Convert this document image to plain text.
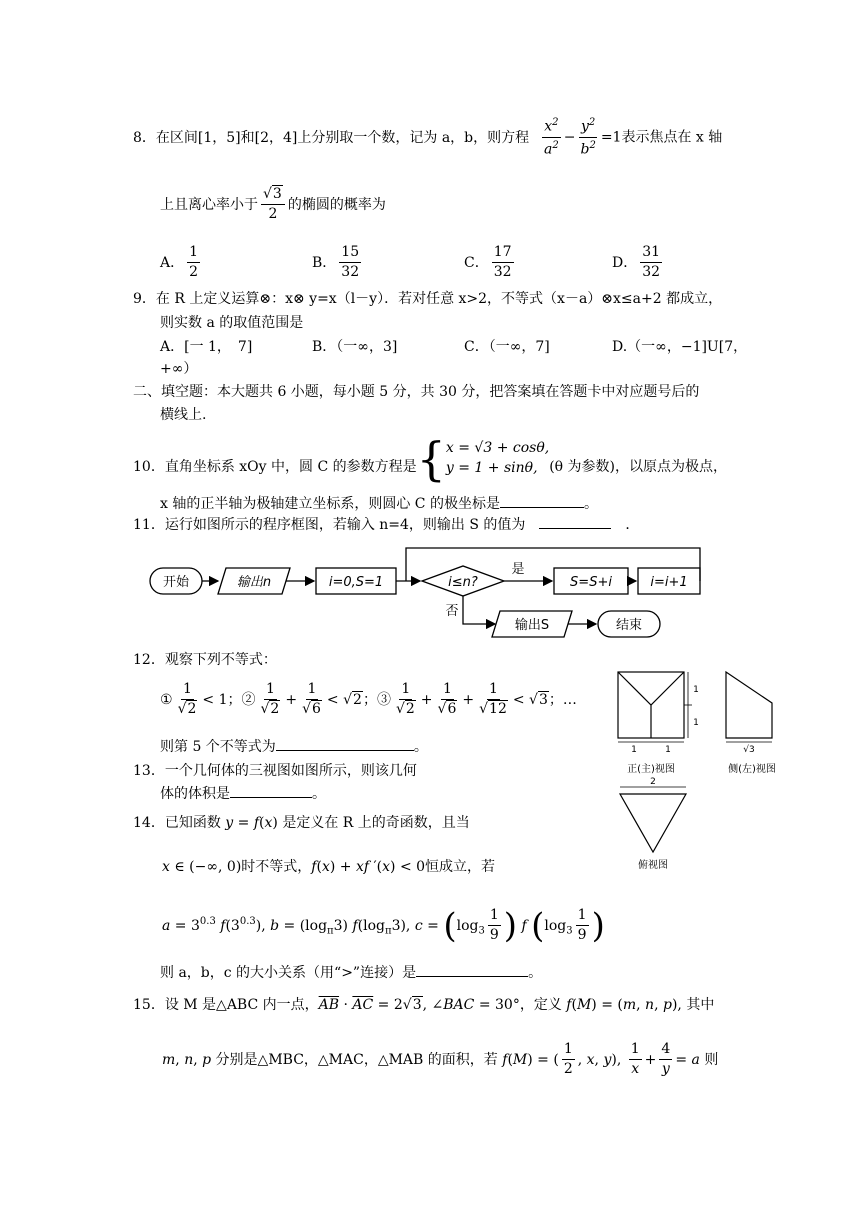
8．在区间[1，5]和[2，4]上分别取一个数，记为 a，b，则方程 $\frac{x^2}{a^2} - \frac{y^2}{b^2} =1$表示焦点在 x 轴
上且离心率小于 $\frac{√3}{2}$ 的椭圆的概率为
A． $\frac{1}{2}$	B． $\frac{15}{32}$	C． $\frac{17}{32}$	D． $\frac{31}{32}$
9．在 R 上定义运算⊗：x⊗ y=x（l－y）．若对任意 x>2，不等式（x－a）⊗x≤a+2 都成立，
则实数 a 的取值范围是
A．[一 1，　7]	B．（一∞，3]	C．（一∞，7]	D.（一∞，−1]U[7，
+∞）
二、填空题：本大题共 6 小题，每小题 5 分，共 30 分，把答案填在答题卡中对应题号后的
横线上.
10．直角坐标系 xOy 中，圆 C 的参数方程是{ x = √3 + cosθ,
y = 1 + sinθ, (θ 为参数)，以原点为极点，
x 轴的正半轴为极轴建立坐标系，则圆心 C 的极坐标是	。
11．运行如图所示的程序框图，若输入 n=4，则输出 S 的值为　　	．
开始	输出n	i=0,S=1	i≤n?
是
否
S=S+i	i=i+1
输出S	结束
12．观察下列不等式：
① $\frac{1}{√2} < 1$；② $\frac{1}{√2} + \frac{1}{√6} < √2$；③ $\frac{1}{√2} + \frac{1}{√6} + \frac{1}{√12} < √3$；…
则第 5 个不等式为	。
1
1
1	1	√3
2
正(主)视图	侧(左)视图
俯视图
13．一个几何体的三视图如图所示，则该几何
体的体积是	。
14．已知函数 y = f(x) 是定义在 R 上的奇函数，且当
x ∈ (−∞, 0)时不等式，f(x) + xf ′(x) < 0恒成立，若
$a = 3^{0.3}$ $f(3^{0.3})$, $b = (\log_\pi 3)$ $f(\log_\pi 3)$, $c = (\log_3 \frac{1}{9}$ ) f ($\log_3 \frac{1}{9}$ )
则 a，b，c 的大小关系（用“>”连接）是	。
15．设 M 是△ABC 内一点，$\overline{AB} \cdot \overline{AC} = 2√3$, ∠BAC = 30°，定义 f(M) = (m, n, p), 其中
m, n, p 分别是△MBC，△MAC，△MAB 的面积，若 f(M) = ( $\frac{1}{2}$ , x, y), $\frac{1}{x} + \frac{4}{y} = a$ 则
